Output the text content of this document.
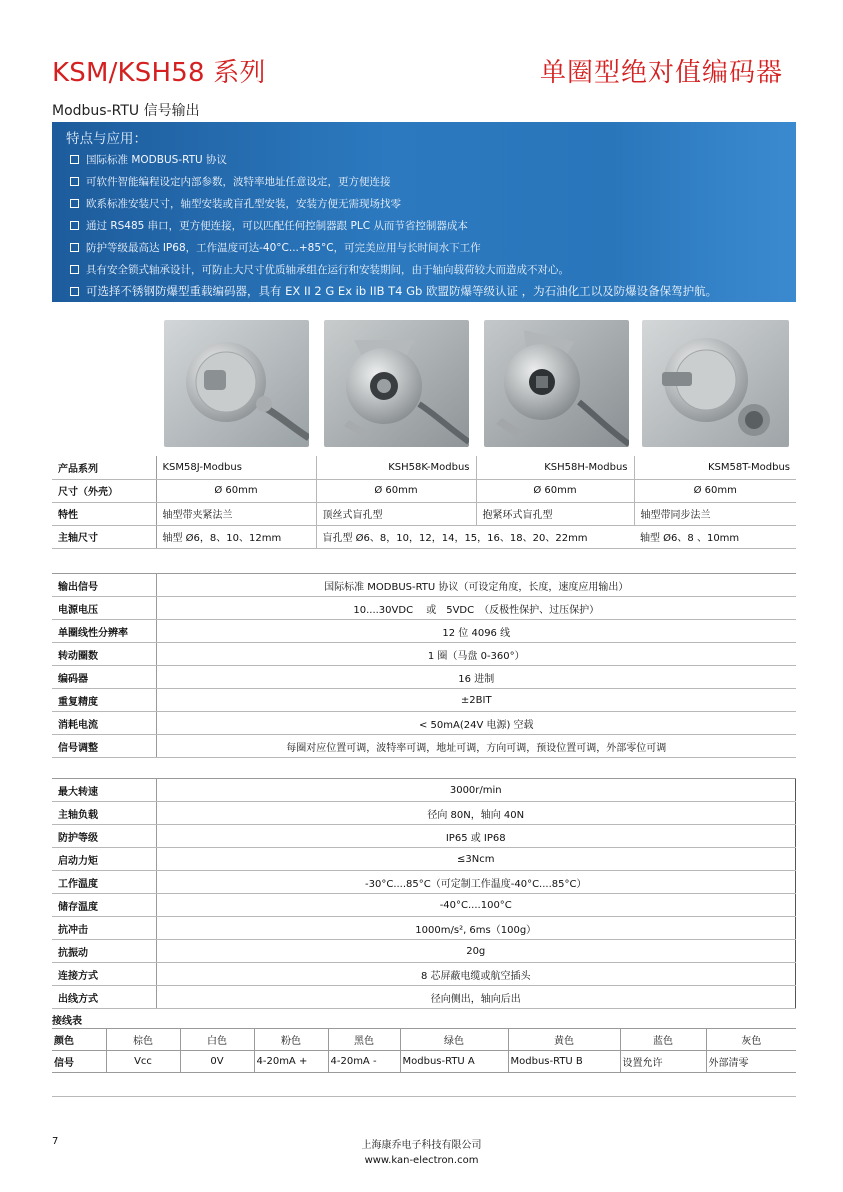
KSM/KSH58 系列	单圈型绝对值编码器
Modbus-RTU 信号输出
特点与应用：
国际标准 MODBUS-RTU 协议
可软件智能编程设定内部参数，波特率地址任意设定，更方便连接
欧系标准安装尺寸，轴型安装或盲孔型安装，安装方便无需现场找零
通过 RS485 串口，更方便连接，可以匹配任何控制器跟 PLC 从而节省控制器成本
防护等级最高达 IP68，工作温度可达-40°C...+85°C，可完美应用与长时间水下工作
具有安全锁式轴承设计，可防止大尺寸优质轴承组在运行和安装期间，由于轴向载荷较大而造成不对心。
可选择不锈钢防爆型重载编码器，具有 EX II 2 G Ex ib IIB T4 Gb 欧盟防爆等级认证 ，为石油化工以及防爆设备保驾护航。
产品系列	KSM58J-Modbus	KSH58K-Modbus	KSH58H-Modbus	KSM58T-Modbus
尺寸（外壳）	Ø 60mm	Ø 60mm	Ø 60mm	Ø 60mm
特性	轴型带夹紧法兰	顶丝式盲孔型	抱紧环式盲孔型	轴型带同步法兰
主轴尺寸	轴型 Ø6，8、10、12mm	盲孔型 Ø6、8，10，12，14，15，16、18、20、22mm		轴型 Ø6、8 、10mm
输出信号	国际标准 MODBUS-RTU 协议（可设定角度，长度，速度应用输出）
电源电压	10....30VDC　 或　5VDC　（反极性保护、过压保护）
单圈线性分辨率	12 位 4096 线
转动圈数	1 圈（马盘 0-360°）
编码器	16 进制
重复精度	±2BIT
消耗电流	< 50mA(24V 电源) 空载
信号调整	每圈对应位置可调，波特率可调，地址可调，方向可调，预设位置可调，外部零位可调
最大转速	3000r/min
主轴负载	径向 80N，轴向 40N
防护等级	IP65 或 IP68
启动力矩	≤3Ncm
工作温度	-30°C....85°C（可定制工作温度-40°C....85°C）
储存温度	-40°C....100°C
抗冲击	1000m/s², 6ms（100g）
抗振动	20g
连接方式	8 芯屏蔽电缆或航空插头
出线方式	径向侧出，轴向后出
接线表
颜色	棕色	白色	粉色	黑色	绿色	黄色	蓝色	灰色
信号	Vcc	0V	4-20mA +	4-20mA -	Modbus-RTU A	Modbus-RTU B	设置允许	外部清零
7	上海康乔电子科技有限公司
www.kan-electron.com
